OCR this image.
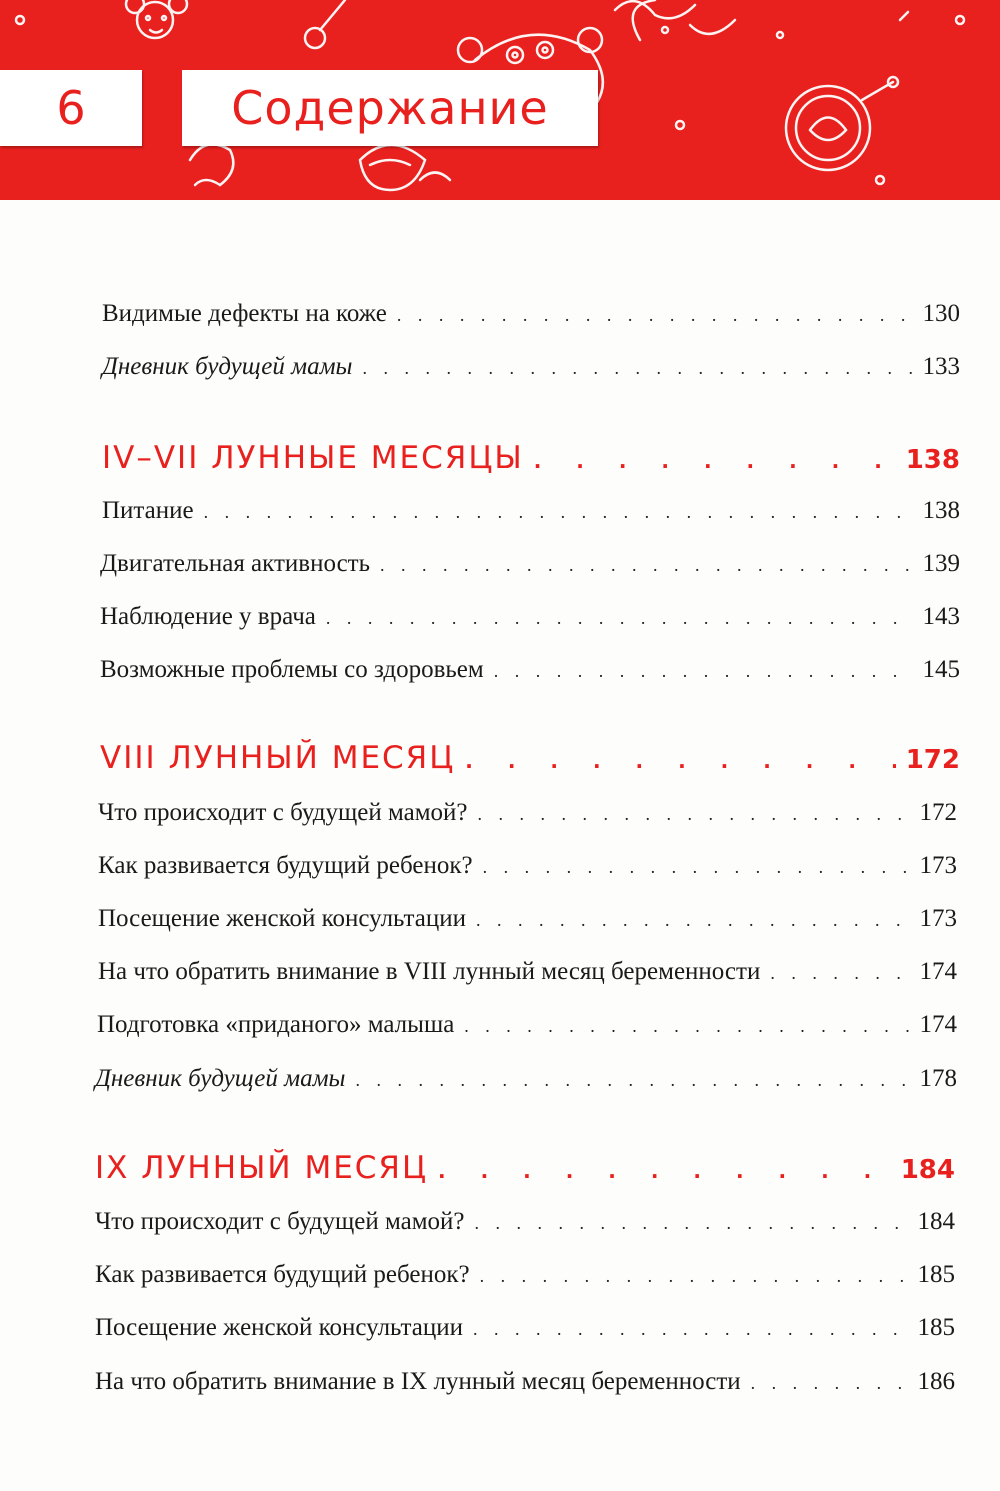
6	Содержание
Видимые дефекты на коже . . .	130
Дневник будущей мамы . . .	133
IV–VII ЛУННЫЕ МЕСЯЦЫ . . .	138
Питание . . .	138
Двигательная активность . . .	139
Наблюдение у врача . . .	143
Возможные проблемы со здоровьем . . .	145
VIII ЛУННЫЙ МЕСЯЦ . . .	172
Что происходит с будущей мамой? . . .	172
Как развивается будущий ребенок? . . .	173
Посещение женской консультации . . .	173
На что обратить внимание в VIII лунный месяц беременности . . .	174
Подготовка «приданого» малыша . . .	174
Дневник будущей мамы . . .	178
IX ЛУННЫЙ МЕСЯЦ . . .	184
Что происходит с будущей мамой? . . .	184
Как развивается будущий ребенок? . . .	185
Посещение женской консультации . . .	185
На что обратить внимание в IX лунный месяц беременности . . .	186
